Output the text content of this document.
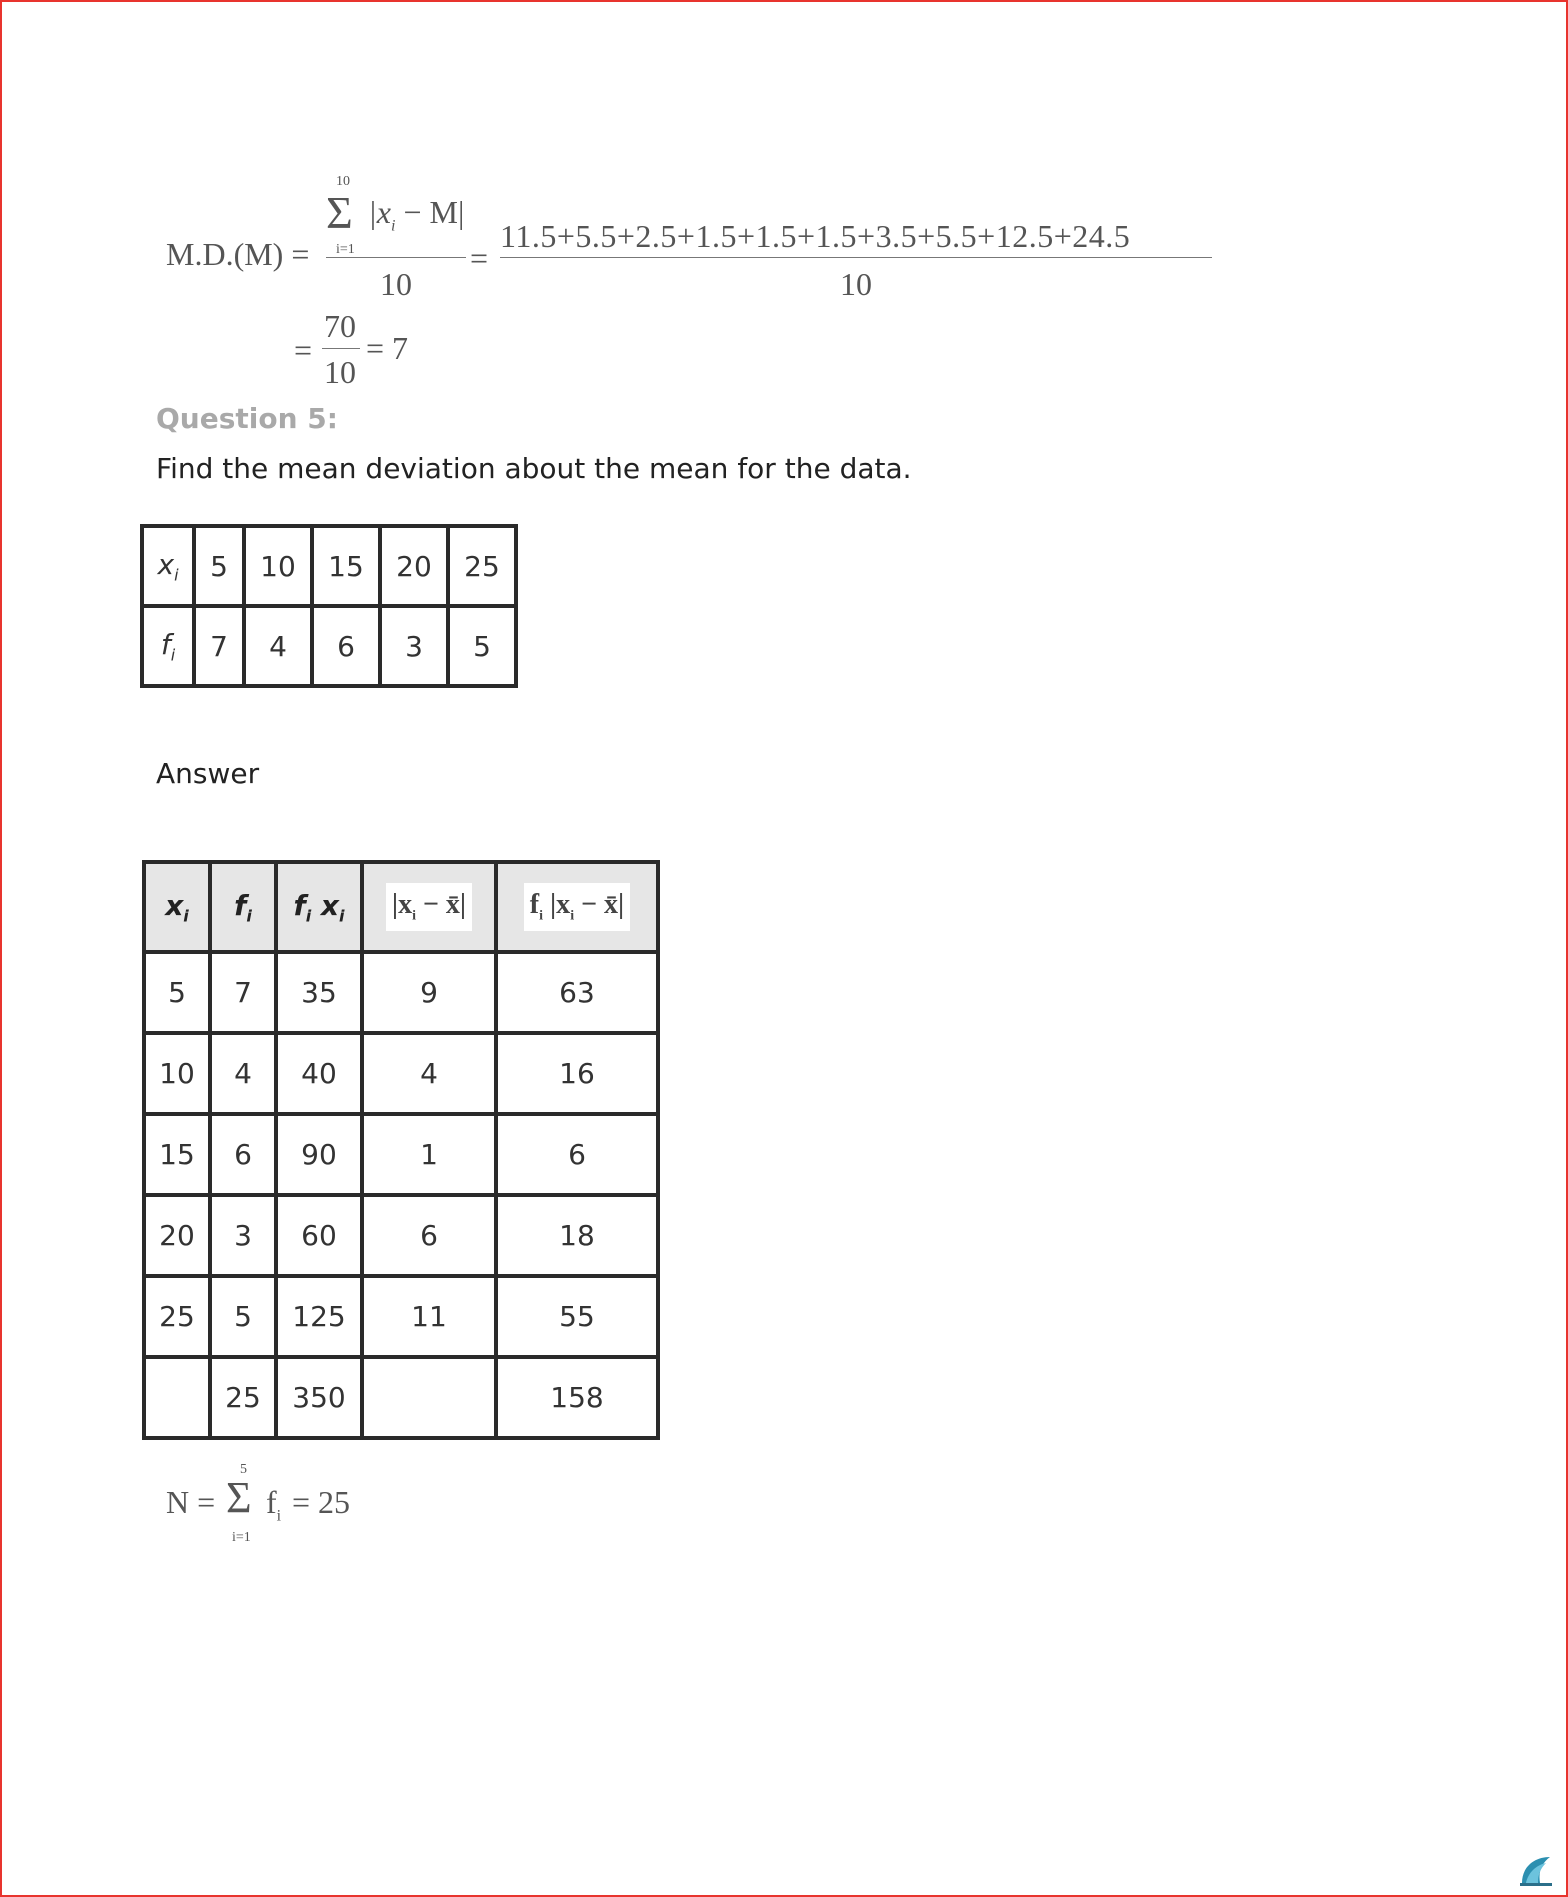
M.D.(M) =
10
Σ
i=1
$|x_i - M|$
10
=
11.5+5.5+2.5+1.5+1.5+1.5+3.5+5.5+12.5+24.5
10
=
70
10
= 7
Question 5:
Find the mean deviation about the mean for the data.
$x_i$	5	10	15	20	25
$f_i$	7	4	6	3	5
Answer
$x_i$	$f_i$	$f_i$ $x_i$	$|x_i$ − x̄|	$f_i$ $|x_i$ − x̄|
5	7	35	9	63
10	4	40	4	16
15	6	90	1	6
20	3	60	6	18
25	5	125	11	55
	25	350		158
N =
5
Σ
i=1
$f_i = 25$
